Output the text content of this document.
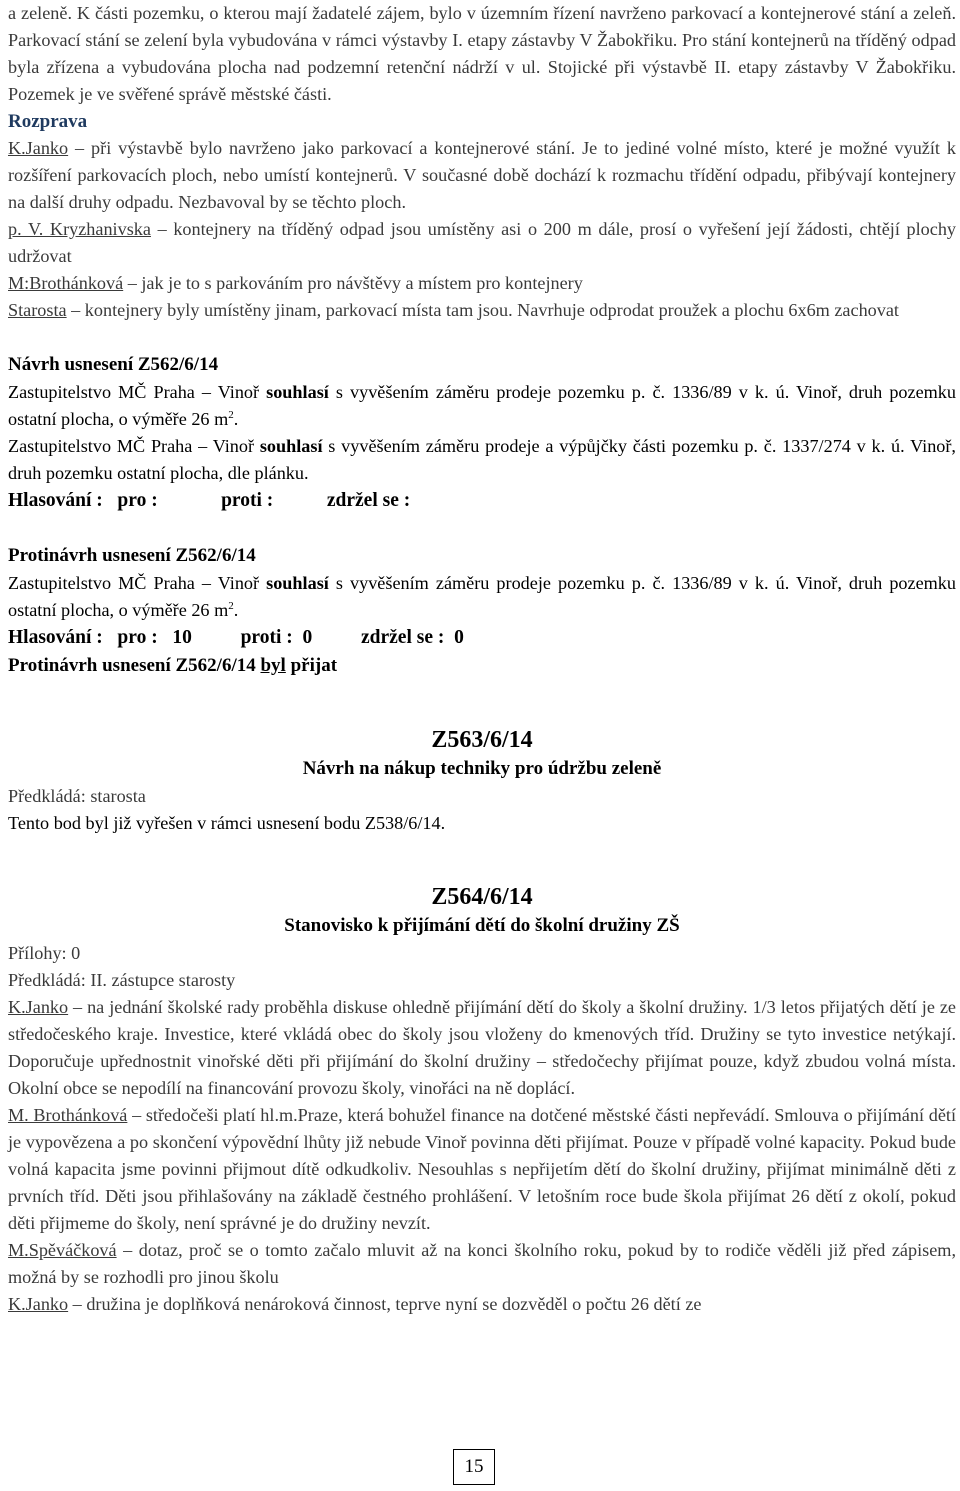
a zeleně. K části pozemku, o kterou mají žadatelé zájem, bylo v územním řízení navrženo parkovací a kontejnerové stání a zeleň. Parkovací stání se zelení byla vybudována v rámci výstavby I. etapy zástavby V Žabokřiku. Pro stání kontejnerů na tříděný odpad byla zřízena a vybudována plocha nad podzemní retenční nádrží v ul. Stojické při výstavbě II. etapy zástavby V Žabokřiku. Pozemek je ve svěřené správě městské části.

Rozprava

K.Janko – při výstavbě bylo navrženo jako parkovací a kontejnerové stání. Je to jediné volné místo, které je možné využít k rozšíření parkovacích ploch, nebo umístí kontejnerů. V současné době dochází k rozmachu třídění odpadu, přibývají kontejnery na další druhy odpadu. Nezbavoval by se těchto ploch.

p. V. Kryzhanivska – kontejnery na tříděný odpad jsou umístěny asi o 200 m dále, prosí o vyřešení její žádosti, chtějí plochy udržovat

M:Brothánková – jak je to s parkováním pro návštěvy a místem pro kontejnery

Starosta – kontejnery byly umístěny jinam, parkovací místa tam jsou. Navrhuje odprodat proužek a plochu 6x6m zachovat

Návrh usnesení Z562/6/14

Zastupitelstvo MČ Praha – Vinoř souhlasí s vyvěšením záměru prodeje pozemku p. č. 1336/89 v k. ú. Vinoř, druh pozemku ostatní plocha, o výměře 26 $m^2$.

Zastupitelstvo MČ Praha – Vinoř souhlasí s vyvěšením záměru prodeje a výpůjčky části pozemku p. č. 1337/274 v k. ú. Vinoř, druh pozemku ostatní plocha, dle plánku.

Hlasování :   pro :             proti :           zdržel se :

Protinávrh usnesení Z562/6/14

Zastupitelstvo MČ Praha – Vinoř souhlasí s vyvěšením záměru prodeje pozemku p. č. 1336/89 v k. ú. Vinoř, druh pozemku ostatní plocha, o výměře 26 $m^2$.

Hlasování :   pro :   10          proti :  0          zdržel se :  0

Protinávrh usnesení Z562/6/14 byl přijat

Z563/6/14

Návrh na nákup techniky pro údržbu zeleně

Předkládá: starosta

Tento bod byl již vyřešen v rámci usnesení bodu Z538/6/14.

Z564/6/14

Stanovisko k přijímání dětí do školní družiny ZŠ

Přílohy: 0

Předkládá: II. zástupce starosty

K.Janko – na jednání školské rady proběhla diskuse ohledně přijímání dětí do školy a školní družiny. 1/3 letos přijatých dětí je ze středočeského kraje. Investice, které vkládá obec do školy jsou vloženy do kmenových tříd. Družiny se tyto investice netýkají. Doporučuje upřednostnit vinořské děti při přijímání do školní družiny – středočechy přijímat pouze, když zbudou volná místa. Okolní obce se nepodílí na financování provozu školy, vinořáci na ně doplácí.

M. Brothánková – středočeši platí hl.m.Praze, která bohužel finance na dotčené městské části nepřevádí. Smlouva o přijímání dětí je vypovězena a po skončení výpovědní lhůty již nebude Vinoř povinna děti přijímat. Pouze v případě volné kapacity. Pokud bude volná kapacita jsme povinni přijmout dítě odkudkoliv. Nesouhlas s nepřijetím dětí do školní družiny, přijímat minimálně děti z prvních tříd. Děti jsou přihlašovány na základě čestného prohlášení. V letošním roce bude škola přijímat 26 dětí z okolí, pokud děti přijmeme do školy, není správné je do družiny nevzít.

M.Spěváčková – dotaz, proč se o tomto začalo mluvit až na konci školního roku, pokud by to rodiče věděli již před zápisem, možná by se rozhodli pro jinou školu

K.Janko – družina je doplňková nenároková činnost, teprve nyní se dozvěděl o počtu 26 dětí ze

15
